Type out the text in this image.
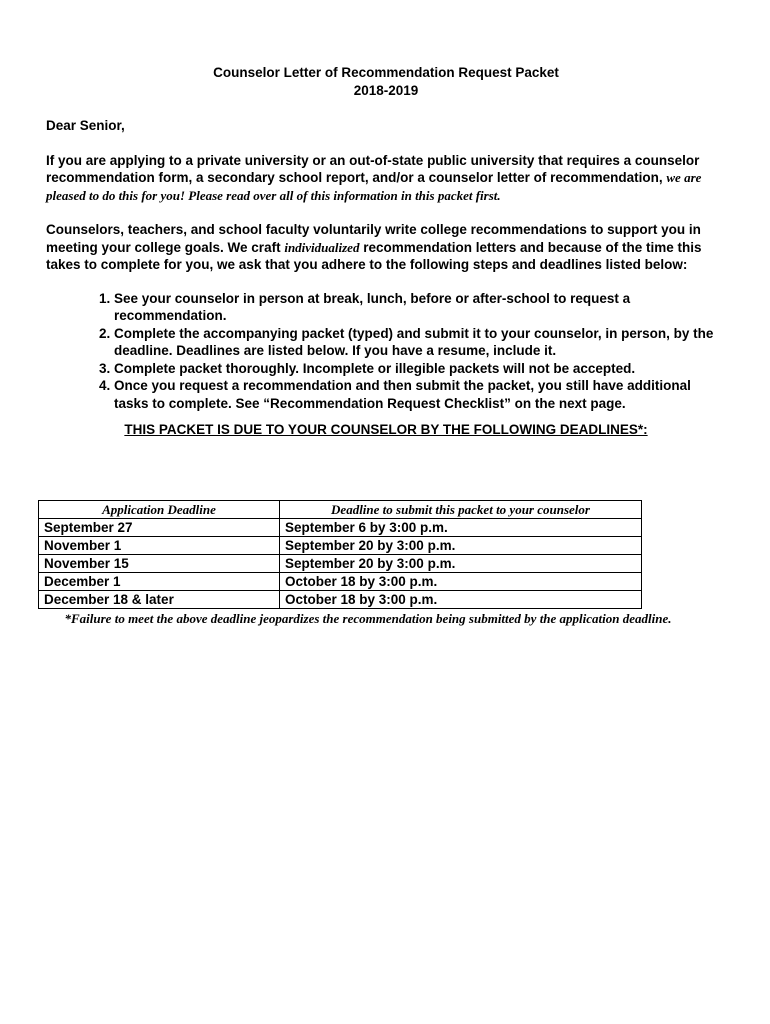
Counselor Letter of Recommendation Request Packet
2018-2019
Dear Senior,
If you are applying to a private university or an out-of-state public university that requires a counselor recommendation form, a secondary school report, and/or a counselor letter of recommendation, we are pleased to do this for you! Please read over all of this information in this packet first.
Counselors, teachers, and school faculty voluntarily write college recommendations to support you in meeting your college goals. We craft individualized recommendation letters and because of the time this takes to complete for you, we ask that you adhere to the following steps and deadlines listed below:
1. See your counselor in person at break, lunch, before or after-school to request a recommendation.
2. Complete the accompanying packet (typed) and submit it to your counselor, in person, by the deadline. Deadlines are listed below. If you have a resume, include it.
3. Complete packet thoroughly. Incomplete or illegible packets will not be accepted.
4. Once you request a recommendation and then submit the packet, you still have additional tasks to complete. See “Recommendation Request Checklist” on the next page.
THIS PACKET IS DUE TO YOUR COUNSELOR BY THE FOLLOWING DEADLINES*:
Application Deadline	Deadline to submit this packet to your counselor
September 27	September 6 by 3:00 p.m.
November 1	September 20 by 3:00 p.m.
November 15	September 20 by 3:00 p.m.
December 1	October 18 by 3:00 p.m.
December 18 & later	October 18 by 3:00 p.m.
*Failure to meet the above deadline jeopardizes the recommendation being submitted by the application deadline.
